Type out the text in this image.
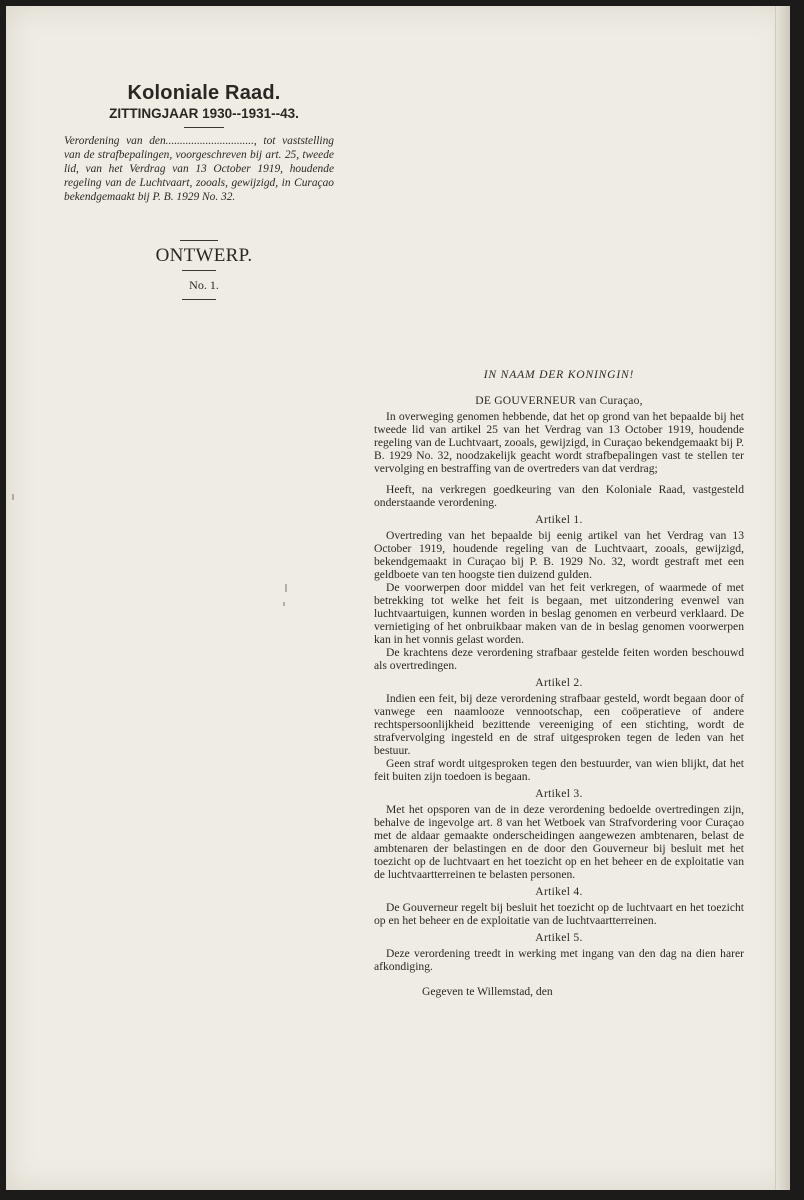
Koloniale Raad.
ZITTINGJAAR 1930--1931--43.
Verordening van den..............................., tot vaststelling van de strafbepalingen, voorgeschreven bij art. 25, tweede lid, van het Verdrag van 13 October 1919, houdende regeling van de Luchtvaart, zooals, gewijzigd, in Curaçao bekendgemaakt bij P. B. 1929 No. 32.
ONTWERP.
No. 1.

IN NAAM DER KONINGIN!

DE GOUVERNEUR van Curaçao,

In overweging genomen hebbende, dat het op grond van het bepaalde bij het tweede lid van artikel 25 van het Verdrag van 13 October 1919, houdende regeling van de Luchtvaart, zooals, gewijzigd, in Curaçao bekendgemaakt bij P. B. 1929 No. 32, noodzakelijk geacht wordt strafbepalingen vast te stellen ter vervolging en bestraffing van de overtreders van dat verdrag;

Heeft, na verkregen goedkeuring van den Koloniale Raad, vastgesteld onderstaande verordening.

Artikel 1.

Overtreding van het bepaalde bij eenig artikel van het Verdrag van 13 October 1919, houdende regeling van de Luchtvaart, zooals, gewijzigd, bekendgemaakt in Curaçao bij P. B. 1929 No. 32, wordt gestraft met een geldboete van ten hoogste tien duizend gulden.

De voorwerpen door middel van het feit verkregen, of waarmede of met betrekking tot welke het feit is begaan, met uitzondering evenwel van luchtvaartuigen, kunnen worden in beslag genomen en verbeurd verklaard. De vernietiging of het onbruikbaar maken van de in beslag genomen voorwerpen kan in het vonnis gelast worden.

De krachtens deze verordening strafbaar gestelde feiten worden beschouwd als overtredingen.

Artikel 2.

Indien een feit, bij deze verordening strafbaar gesteld, wordt begaan door of vanwege een naamlooze vennootschap, een coöperatieve of andere rechtspersoonlijkheid bezittende vereeniging of een stichting, wordt de strafvervolging ingesteld en de straf uitgesproken tegen de leden van het bestuur.

Geen straf wordt uitgesproken tegen den bestuurder, van wien blijkt, dat het feit buiten zijn toedoen is begaan.

Artikel 3.

Met het opsporen van de in deze verordening bedoelde overtredingen zijn, behalve de ingevolge art. 8 van het Wetboek van Strafvordering voor Curaçao met de aldaar gemaakte onderscheidingen aangewezen ambtenaren, belast de ambtenaren der belastingen en de door den Gouverneur bij besluit met het toezicht op de luchtvaart en het toezicht op en het beheer en de exploitatie van de luchtvaartterreinen te belasten personen.

Artikel 4.

De Gouverneur regelt bij besluit het toezicht op de luchtvaart en het toezicht op en het beheer en de exploitatie van de luchtvaartterreinen.

Artikel 5.

Deze verordening treedt in werking met ingang van den dag na dien harer afkondiging.

Gegeven te Willemstad, den
